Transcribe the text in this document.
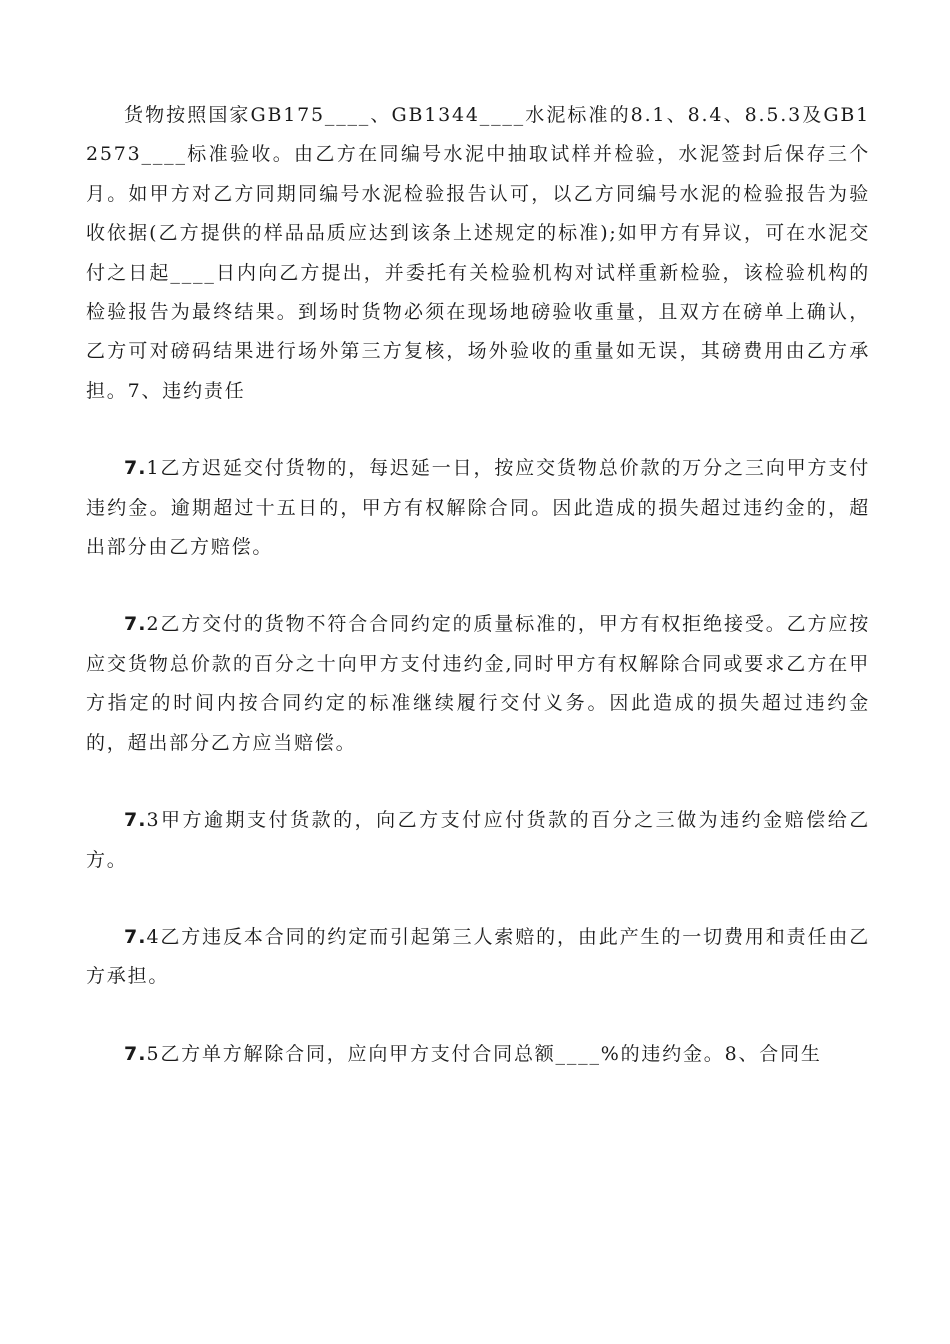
货物按照国家GB175____、GB1344____水泥标准的8.1、8.4、8.5.3及GB12573____标准验收。由乙方在同编号水泥中抽取试样并检验，水泥签封后保存三个月。如甲方对乙方同期同编号水泥检验报告认可，以乙方同编号水泥的检验报告为验收依据(乙方提供的样品品质应达到该条上述规定的标准);如甲方有异议，可在水泥交付之日起____日内向乙方提出，并委托有关检验机构对试样重新检验，该检验机构的检验报告为最终结果。到场时货物必须在现场地磅验收重量，且双方在磅单上确认，乙方可对磅码结果进行场外第三方复核，场外验收的重量如无误，其磅费用由乙方承担。7、违约责任

7.1乙方迟延交付货物的，每迟延一日，按应交货物总价款的万分之三向甲方支付违约金。逾期超过十五日的，甲方有权解除合同。因此造成的损失超过违约金的，超出部分由乙方赔偿。

7.2乙方交付的货物不符合合同约定的质量标准的，甲方有权拒绝接受。乙方应按应交货物总价款的百分之十向甲方支付违约金,同时甲方有权解除合同或要求乙方在甲方指定的时间内按合同约定的标准继续履行交付义务。因此造成的损失超过违约金的，超出部分乙方应当赔偿。

7.3甲方逾期支付货款的，向乙方支付应付货款的百分之三做为违约金赔偿给乙方。

7.4乙方违反本合同的约定而引起第三人索赔的，由此产生的一切费用和责任由乙方承担。

7.5乙方单方解除合同，应向甲方支付合同总额____%的违约金。8、合同生
